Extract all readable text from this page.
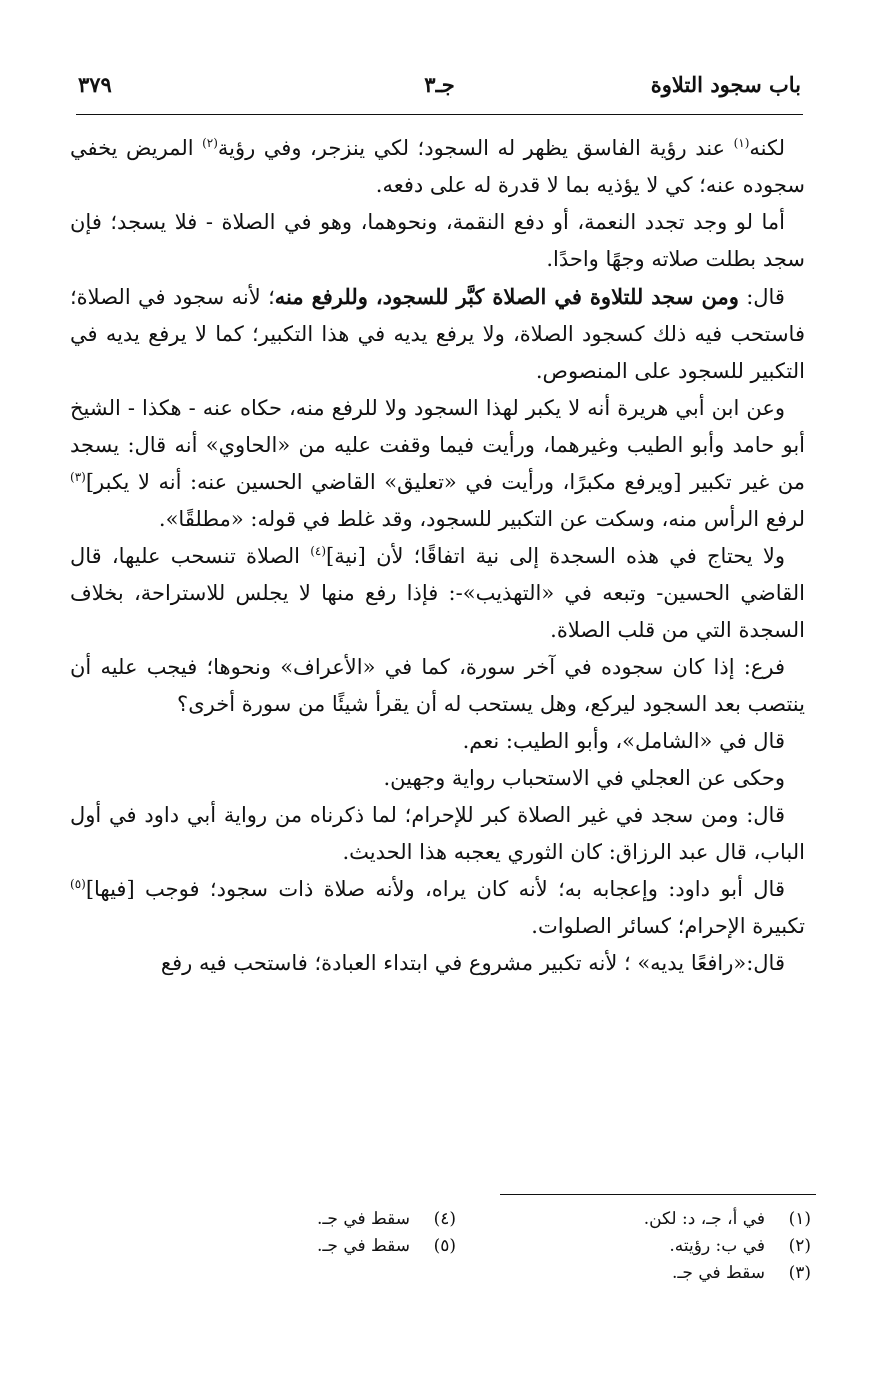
باب سجود التلاوة
جـ٣
٣٧٩

لكنه$^{(١)}$ عند رؤية الفاسق يظهر له السجود؛ لكي ينزجر، وفي رؤية$^{(٢)}$ المريض يخفي سجوده عنه؛ كي لا يؤذيه بما لا قدرة له على دفعه.

أما لو وجد تجدد النعمة، أو دفع النقمة، ونحوهما، وهو في الصلاة - فلا يسجد؛ فإن سجد بطلت صلاته وجهًا واحدًا.

قال: ومن سجد للتلاوة في الصلاة كبَّر للسجود، وللرفع منه؛ لأنه سجود في الصلاة؛ فاستحب فيه ذلك كسجود الصلاة، ولا يرفع يديه في هذا التكبير؛ كما لا يرفع يديه في التكبير للسجود على المنصوص.

وعن ابن أبي هريرة أنه لا يكبر لهذا السجود ولا للرفع منه، حكاه عنه - هكذا - الشيخ أبو حامد وأبو الطيب وغيرهما، ورأيت فيما وقفت عليه من «الحاوي» أنه قال: يسجد من غير تكبير [ويرفع مكبرًا، ورأيت في «تعليق» القاضي الحسين عنه: أنه لا يكبر]$^{(٣)}$ لرفع الرأس منه، وسكت عن التكبير للسجود، وقد غلط في قوله: «مطلقًا».

ولا يحتاج في هذه السجدة إلى نية اتفاقًا؛ لأن [نية]$^{(٤)}$ الصلاة تنسحب عليها، قال القاضي الحسين- وتبعه في «التهذيب»-: فإذا رفع منها لا يجلس للاستراحة، بخلاف السجدة التي من قلب الصلاة.

فرع: إذا كان سجوده في آخر سورة، كما في «الأعراف» ونحوها؛ فيجب عليه أن ينتصب بعد السجود ليركع، وهل يستحب له أن يقرأ شيئًا من سورة أخرى؟

قال في «الشامل»، وأبو الطيب: نعم.

وحكى عن العجلي في الاستحباب رواية وجهين.

قال: ومن سجد في غير الصلاة كبر للإحرام؛ لما ذكرناه من رواية أبي داود في أول الباب، قال عبد الرزاق: كان الثوري يعجبه هذا الحديث.

قال أبو داود: وإعجابه به؛ لأنه كان يراه، ولأنه صلاة ذات سجود؛ فوجب [فيها]$^{(٥)}$ تكبيرة الإحرام؛ كسائر الصلوات.

قال:«رافعًا يديه» ؛ لأنه تكبير مشروع في ابتداء العبادة؛ فاستحب فيه رفع

(١)في أ، جـ، د: لكن.
(٢)في ب: رؤيته.
(٣)سقط في جـ.
(٤)سقط في جـ.
(٥)سقط في جـ.
